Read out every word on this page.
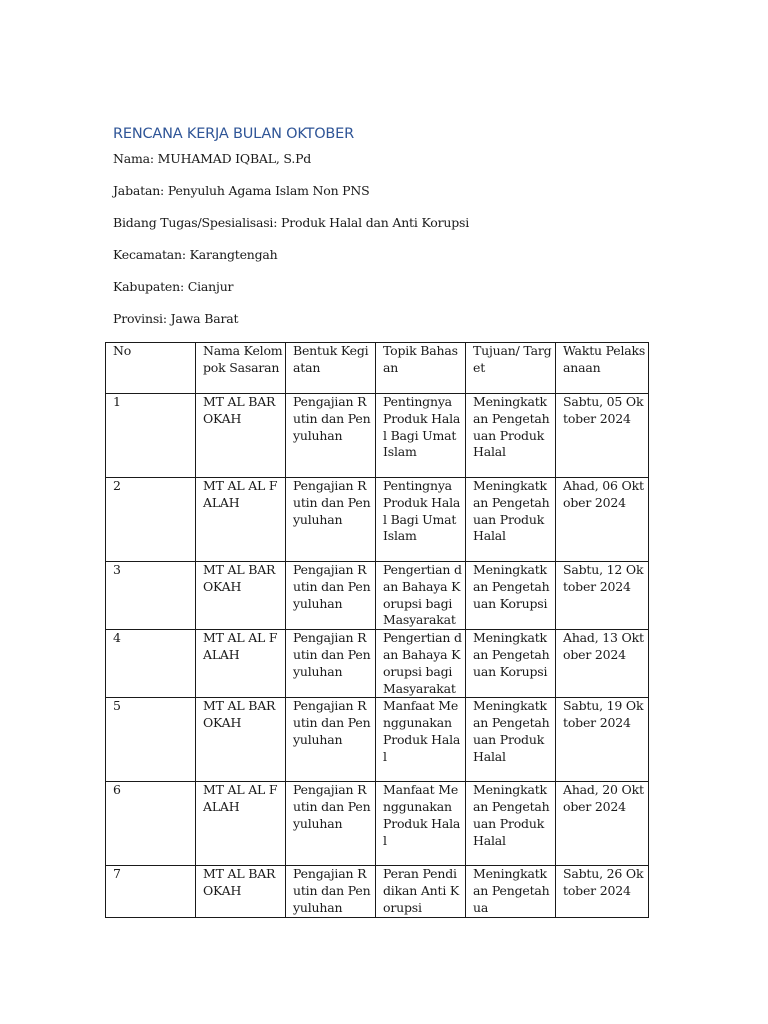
RENCANA KERJA BULAN OKTOBER
Nama: MUHAMAD IQBAL, S.Pd
Jabatan: Penyuluh Agama Islam Non PNS
Bidang Tugas/Spesialisasi: Produk Halal dan Anti Korupsi
Kecamatan: Karangtengah
Kabupaten: Cianjur
Provinsi: Jawa Barat
No	Nama Kelompok Sasaran	Bentuk Kegiatan	Topik Bahasan	Tujuan/ Target	Waktu Pelaksanaan
1	MT AL BAROKAH	Pengajian Rutin dan Penyuluhan	Pentingnya Produk Halal Bagi Umat Islam	Meningkatkan Pengetahuan Produk Halal	Sabtu, 05 Oktober 2024
2	MT AL AL FALAH	Pengajian Rutin dan Penyuluhan	Pentingnya Produk Halal Bagi Umat Islam	Meningkatkan Pengetahuan Produk Halal	Ahad, 06 Oktober 2024
3	MT AL BAROKAH	Pengajian Rutin dan Penyuluhan	Pengertian dan Bahaya Korupsi bagi Masyarakat	Meningkatkan Pengetahuan Korupsi	Sabtu, 12 Oktober 2024
4	MT AL AL FALAH	Pengajian Rutin dan Penyuluhan	Pengertian dan Bahaya Korupsi bagi Masyarakat	Meningkatkan Pengetahuan Korupsi	Ahad, 13 Oktober 2024
5	MT AL BAROKAH	Pengajian Rutin dan Penyuluhan	Manfaat Menggunakan Produk Halal	Meningkatkan Pengetahuan Produk Halal	Sabtu, 19 Oktober 2024
6	MT AL AL FALAH	Pengajian Rutin dan Penyuluhan	Manfaat Menggunakan Produk Halal	Meningkatkan Pengetahuan Produk Halal	Ahad, 20 Oktober 2024
7	MT AL BAROKAH	Pengajian Rutin dan Penyuluhan	Peran Pendidikan Anti Korupsi	Meningkatkan Pengetahua	Sabtu, 26 Oktober 2024
